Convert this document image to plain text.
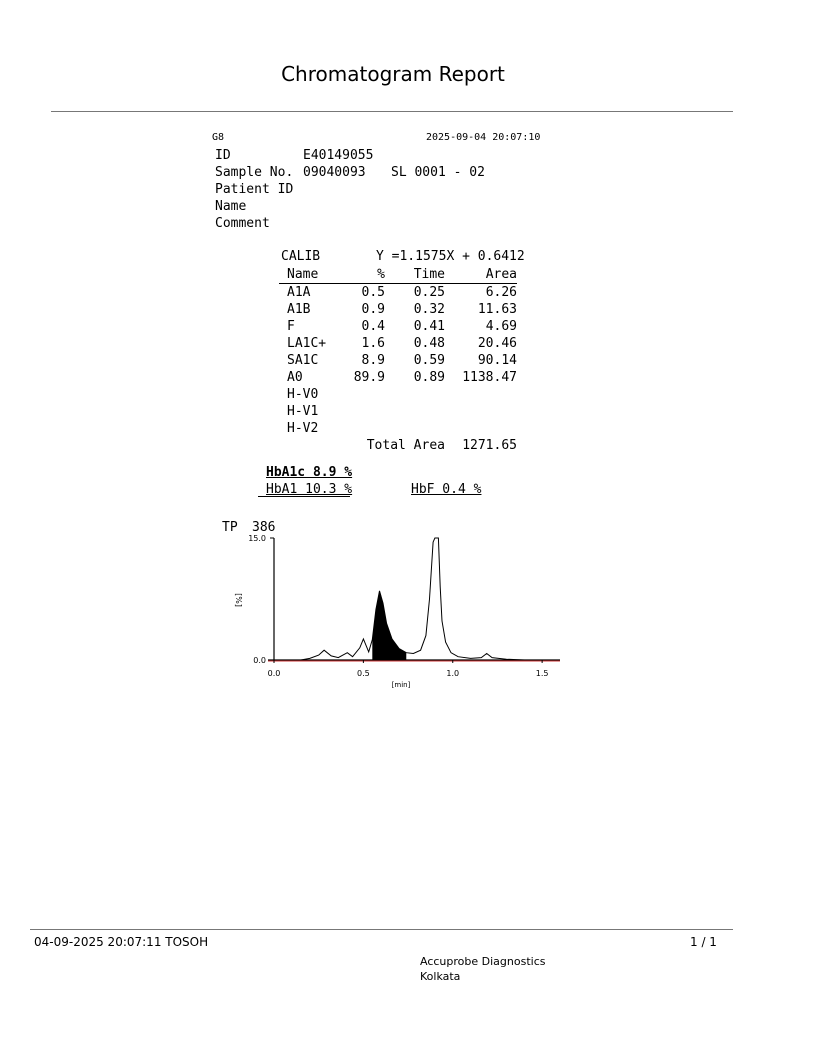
Chromatogram Report
G8	2025-09-04 20:07:10
ID	E40149055
Sample No. 09040093 SL 0001 - 02
Patient ID
Name
Comment
CALIB	Y =1.1575X + 0.6412
Name	%	Time	Area
A1A	0.5	0.25	6.26
A1B	0.9	0.32	11.63
F	0.4	0.41	4.69
LA1C+	1.6	0.48	20.46
SA1C	8.9	0.59	90.14
A0	89.9	0.89	1138.47
H-V0			
H-V1			
H-V2			
	Total Area		1271.65
HbA1c 8.9 %
HbA1 10.3 %	HbF 0.4 %
TP 386
0.0	0.5	1.0	1.5
0.0
15.0
[min]
[%]
04-09-2025 20:07:11 TOSOH	1 / 1
Accuprobe Diagnostics
Kolkata
